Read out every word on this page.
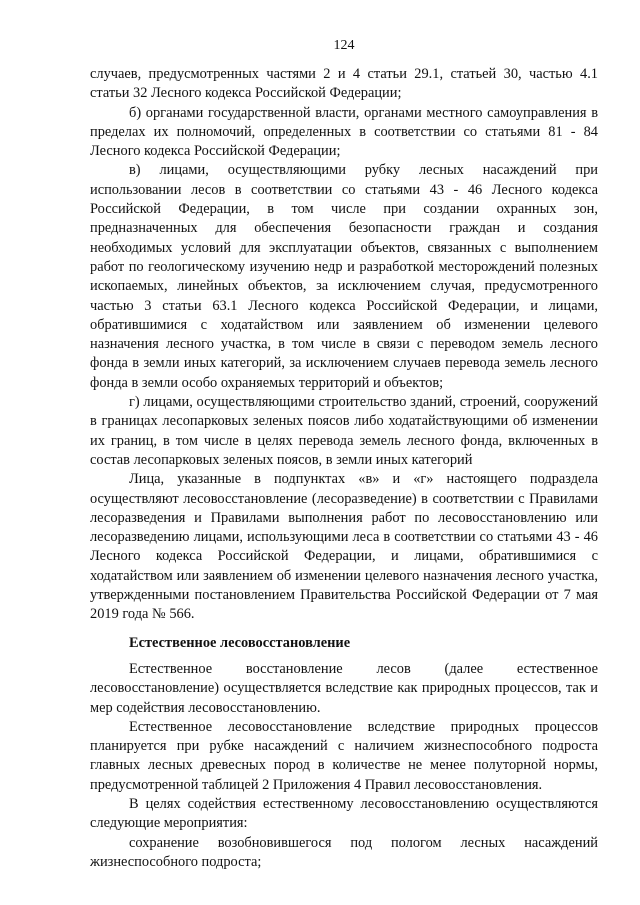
124

случаев, предусмотренных частями 2 и 4 статьи 29.1, статьей 30, частью 4.1 статьи 32 Лесного кодекса Российской Федерации;

б) органами государственной власти, органами местного самоуправления в пределах их полномочий, определенных в соответствии со статьями 81 - 84 Лесного кодекса Российской Федерации;

в) лицами, осуществляющими рубку лесных насаждений при использовании лесов в соответствии со статьями 43 - 46 Лесного кодекса Российской Федерации, в том числе при создании охранных зон, предназначенных для обеспечения безопасности граждан и создания необходимых условий для эксплуатации объектов, связанных с выполнением работ по геологическому изучению недр и разработкой месторождений полезных ископаемых, линейных объектов, за исключением случая, предусмотренного частью 3 статьи 63.1 Лесного кодекса Российской Федерации, и лицами, обратившимися с ходатайством или заявлением об изменении целевого назначения лесного участка, в том числе в связи с переводом земель лесного фонда в земли иных категорий, за исключением случаев перевода земель лесного фонда в земли особо охраняемых территорий и объектов;

г) лицами, осуществляющими строительство зданий, строений, сооружений в границах лесопарковых зеленых поясов либо ходатайствующими об изменении их границ, в том числе в целях перевода земель лесного фонда, включенных в состав лесопарковых зеленых поясов, в земли иных категорий

Лица, указанные в подпунктах «в» и «г» настоящего подраздела осуществляют лесовосстановление (лесоразведение) в соответствии с Правилами лесоразведения и Правилами выполнения работ по лесовосстановлению или лесоразведению лицами, использующими леса в соответствии со статьями 43 - 46 Лесного кодекса Российской Федерации, и лицами, обратившимися с ходатайством или заявлением об изменении целевого назначения лесного участка, утвержденными постановлением Правительства Российской Федерации от 7 мая 2019 года № 566.

Естественное лесовосстановление

Естественное восстановление лесов (далее естественное лесовосстановление) осуществляется вследствие как природных процессов, так и мер содействия лесовосстановлению.

Естественное лесовосстановление вследствие природных процессов планируется при рубке насаждений с наличием жизнеспособного подроста главных лесных древесных пород в количестве не менее полуторной нормы, предусмотренной таблицей 2 Приложения 4 Правил лесовосстановления.

В целях содействия естественному лесовосстановлению осуществляются следующие мероприятия:

сохранение возобновившегося под пологом лесных насаждений жизнеспособного подроста;
